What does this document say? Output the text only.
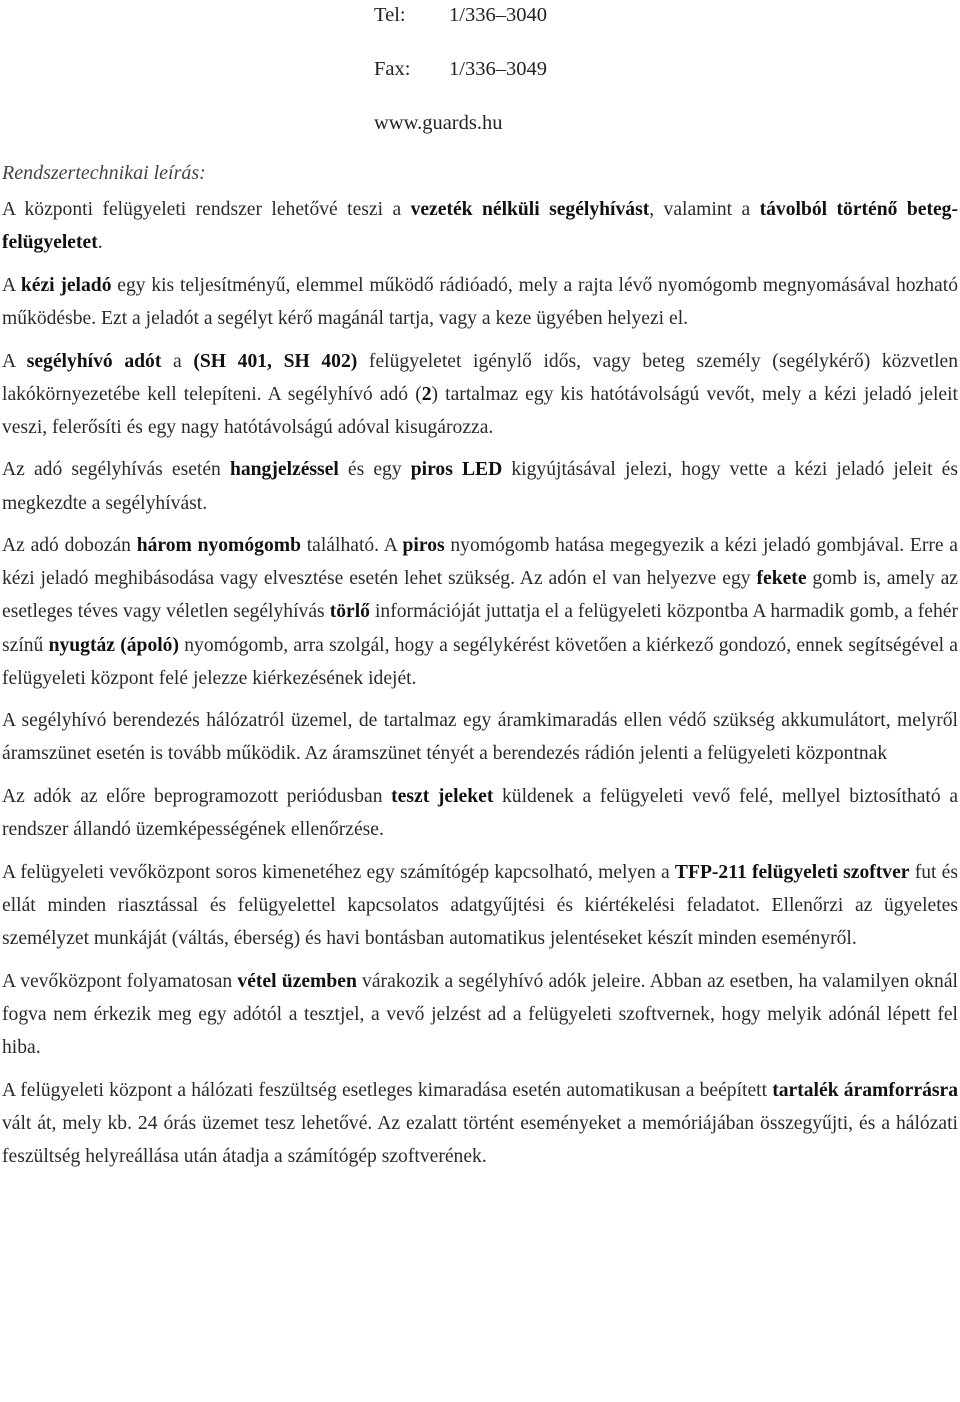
Tel: 1/336–3040
Fax: 1/336–3049
www.guards.hu
Rendszertechnikai leírás:

A központi felügyeleti rendszer lehetővé teszi a vezeték nélküli segélyhívást, valamint a távolból történő beteg-felügyeletet.

A kézi jeladó egy kis teljesítményű, elemmel működő rádióadó, mely a rajta lévő nyomógomb megnyomásával hozható működésbe. Ezt a jeladót a segélyt kérő magánál tartja, vagy a keze ügyében helyezi el.

A segélyhívó adót a (SH 401, SH 402) felügyeletet igénylő idős, vagy beteg személy (segélykérő) közvetlen lakókörnyezetébe kell telepíteni. A segélyhívó adó (2) tartalmaz egy kis hatótávolságú vevőt, mely a kézi jeladó jeleit veszi, felerősíti és egy nagy hatótávolságú adóval kisugározza.

Az adó segélyhívás esetén hangjelzéssel és egy piros LED kigyújtásával jelezi, hogy vette a kézi jeladó jeleit és megkezdte a segélyhívást.

Az adó dobozán három nyomógomb található. A piros nyomógomb hatása megegyezik a kézi jeladó gombjával. Erre a kézi jeladó meghibásodása vagy elvesztése esetén lehet szükség. Az adón el van helyezve egy fekete gomb is, amely az esetleges téves vagy véletlen segélyhívás törlő információját juttatja el a felügyeleti központba A harmadik gomb, a fehér színű nyugtáz (ápoló) nyomógomb, arra szolgál, hogy a segélykérést követően a kiérkező gondozó, ennek segítségével a felügyeleti központ felé jelezze kiérkezésének idejét.

A segélyhívó berendezés hálózatról üzemel, de tartalmaz egy áramkimaradás ellen védő szükség akkumulátort, melyről áramszünet esetén is tovább működik. Az áramszünet tényét a berendezés rádión jelenti a felügyeleti központnak

Az adók az előre beprogramozott periódusban teszt jeleket küldenek a felügyeleti vevő felé, mellyel biztosítható a rendszer állandó üzemképességének ellenőrzése.

A felügyeleti vevőközpont soros kimenetéhez egy számítógép kapcsolható, melyen a TFP-211 felügyeleti szoftver fut és ellát minden riasztással és felügyelettel kapcsolatos adatgyűjtési és kiértékelési feladatot. Ellenőrzi az ügyeletes személyzet munkáját (váltás, éberség) és havi bontásban automatikus jelentéseket készít minden eseményről.

A vevőközpont folyamatosan vétel üzemben várakozik a segélyhívó adók jeleire. Abban az esetben, ha valamilyen oknál fogva nem érkezik meg egy adótól a tesztjel, a vevő jelzést ad a felügyeleti szoftvernek, hogy melyik adónál lépett fel hiba.

A felügyeleti központ a hálózati feszültség esetleges kimaradása esetén automatikusan a beépített tartalék áramforrásra vált át, mely kb. 24 órás üzemet tesz lehetővé. Az ezalatt történt eseményeket a memóriájában összegyűjti, és a hálózati feszültség helyreállása után átadja a számítógép szoftverének.
